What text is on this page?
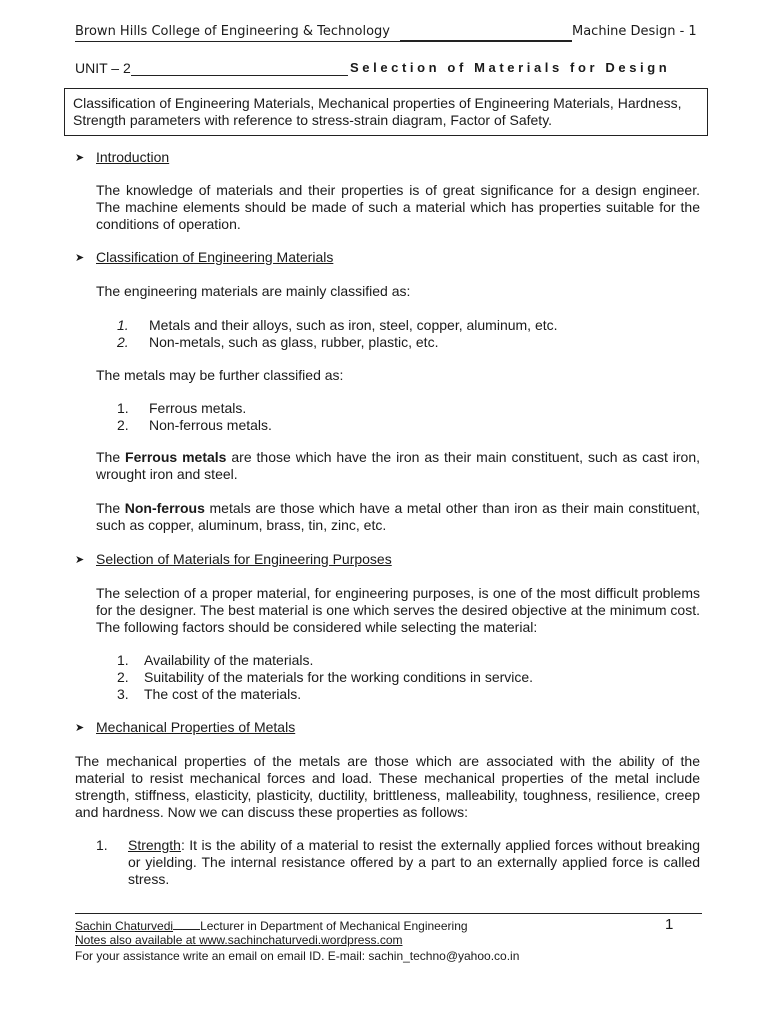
Brown Hills College of Engineering & Technology	Machine Design - 1
UNIT – 2	Selection of Materials for Design
Classification of Engineering Materials, Mechanical properties of Engineering Materials, Hardness, Strength parameters with reference to stress-strain diagram, Factor of Safety.
➤ Introduction
The knowledge of materials and their properties is of great significance for a design engineer. The machine elements should be made of such a material which has properties suitable for the conditions of operation.
➤ Classification of Engineering Materials
The engineering materials are mainly classified as:
1. Metals and their alloys, such as iron, steel, copper, aluminum, etc.
2. Non-metals, such as glass, rubber, plastic, etc.
The metals may be further classified as:
1. Ferrous metals.
2. Non-ferrous metals.
The Ferrous metals are those which have the iron as their main constituent, such as cast iron, wrought iron and steel.
The Non-ferrous metals are those which have a metal other than iron as their main constituent, such as copper, aluminum, brass, tin, zinc, etc.
➤ Selection of Materials for Engineering Purposes
The selection of a proper material, for engineering purposes, is one of the most difficult problems for the designer. The best material is one which serves the desired objective at the minimum cost. The following factors should be considered while selecting the material:
1. Availability of the materials.
2. Suitability of the materials for the working conditions in service.
3. The cost of the materials.
➤ Mechanical Properties of Metals
The mechanical properties of the metals are those which are associated with the ability of the material to resist mechanical forces and load. These mechanical properties of the metal include strength, stiffness, elasticity, plasticity, ductility, brittleness, malleability, toughness, resilience, creep and hardness. Now we can discuss these properties as follows:
1. Strength: It is the ability of a material to resist the externally applied forces without breaking or yielding. The internal resistance offered by a part to an externally applied force is called stress.
Sachin Chaturvedi Lecturer in Department of Mechanical Engineering	1
Notes also available at www.sachinchaturvedi.wordpress.com
For your assistance write an email on email ID. E-mail: sachin_techno@yahoo.co.in
